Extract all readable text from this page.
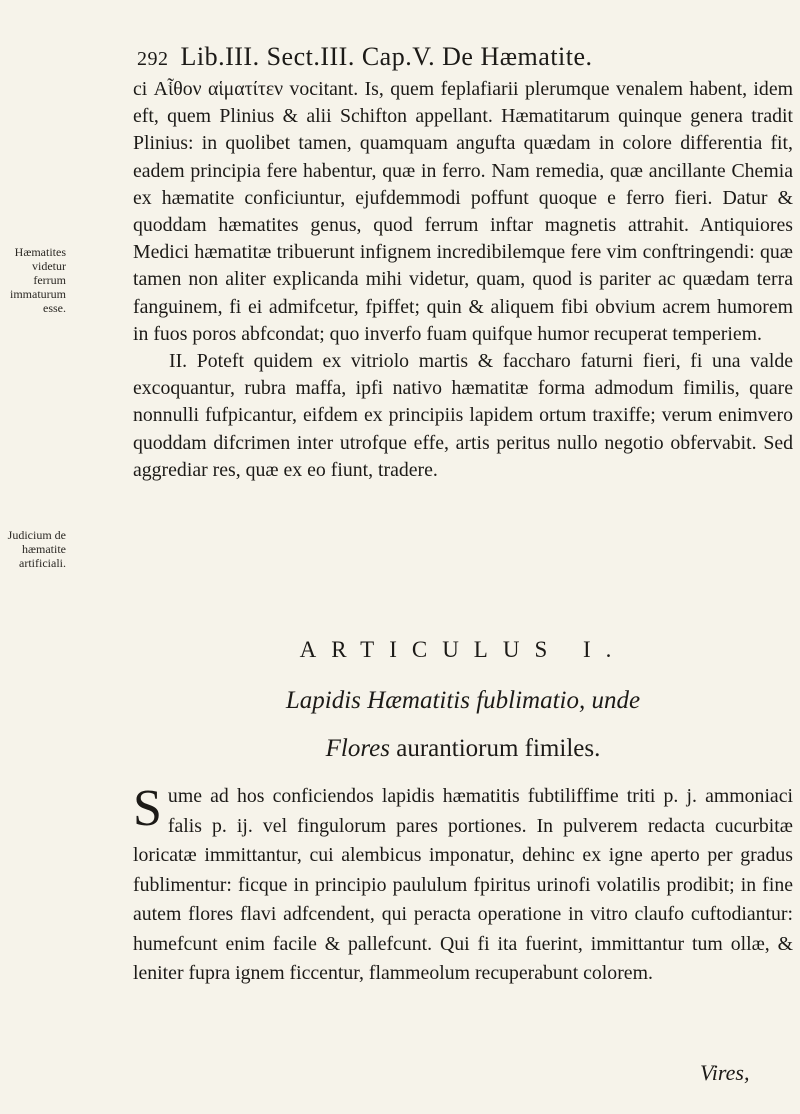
292 Lib.III. Sect.III. Cap.V. De Hæmatite.
Hæmatites videtur ferrum immaturum esse.
Judicium de hæmatite artificiali.

ci Αἷθον αἱματίτεν vocitant. Is, quem feplafiarii plerumque venalem habent, idem eft, quem Plinius & alii Schifton appellant. Hæmatitarum quinque genera tradit Plinius: in quolibet tamen, quamquam angufta quædam in colore differentia fit, eadem principia fere habentur, quæ in ferro. Nam remedia, quæ ancillante Chemia ex hæmatite conficiuntur, ejufdemmodi poffunt quoque e ferro fieri. Datur & quoddam hæmatites genus, quod ferrum inftar magnetis attrahit. Antiquiores Medici hæmatitæ tribuerunt infignem incredibilemque fere vim conftringendi: quæ tamen non aliter explicanda mihi videtur, quam, quod is pariter ac quædam terra fanguinem, fi ei admifcetur, fpiffet; quin & aliquem fibi obvium acrem humorem in fuos poros abfcondat; quo inverfo fuam quifque humor recuperat temperiem.

II. Poteft quidem ex vitriolo martis & faccharo faturni fieri, fi una valde excoquantur, rubra maffa, ipfi nativo hæmatitæ forma admodum fimilis, quare nonnulli fufpicantur, eifdem ex principiis lapidem ortum traxiffe; verum enimvero quoddam difcrimen inter utrofque effe, artis peritus nullo negotio obfervabit. Sed aggrediar res, quæ ex eo fiunt, tradere.

ARTICULUS I.
Lapidis Hæmatitis fublimatio, unde
Flores aurantiorum fimiles.

Sume ad hos conficiendos lapidis hæmatitis fubtiliffime triti p. j. ammoniaci falis p. ij. vel fingulorum pares portiones. In pulverem redacta cucurbitæ loricatæ immittantur, cui alembicus imponatur, dehinc ex igne aperto per gradus fublimentur: ficque in principio paululum fpiritus urinofi volatilis prodibit; in fine autem flores flavi adfcendent, qui peracta operatione in vitro claufo cuftodiantur: humefcunt enim facile & pallefcunt. Qui fi ita fuerint, immittantur tum ollæ, & leniter fupra ignem ficcentur, flammeolum recuperabunt colorem.

Vires,
